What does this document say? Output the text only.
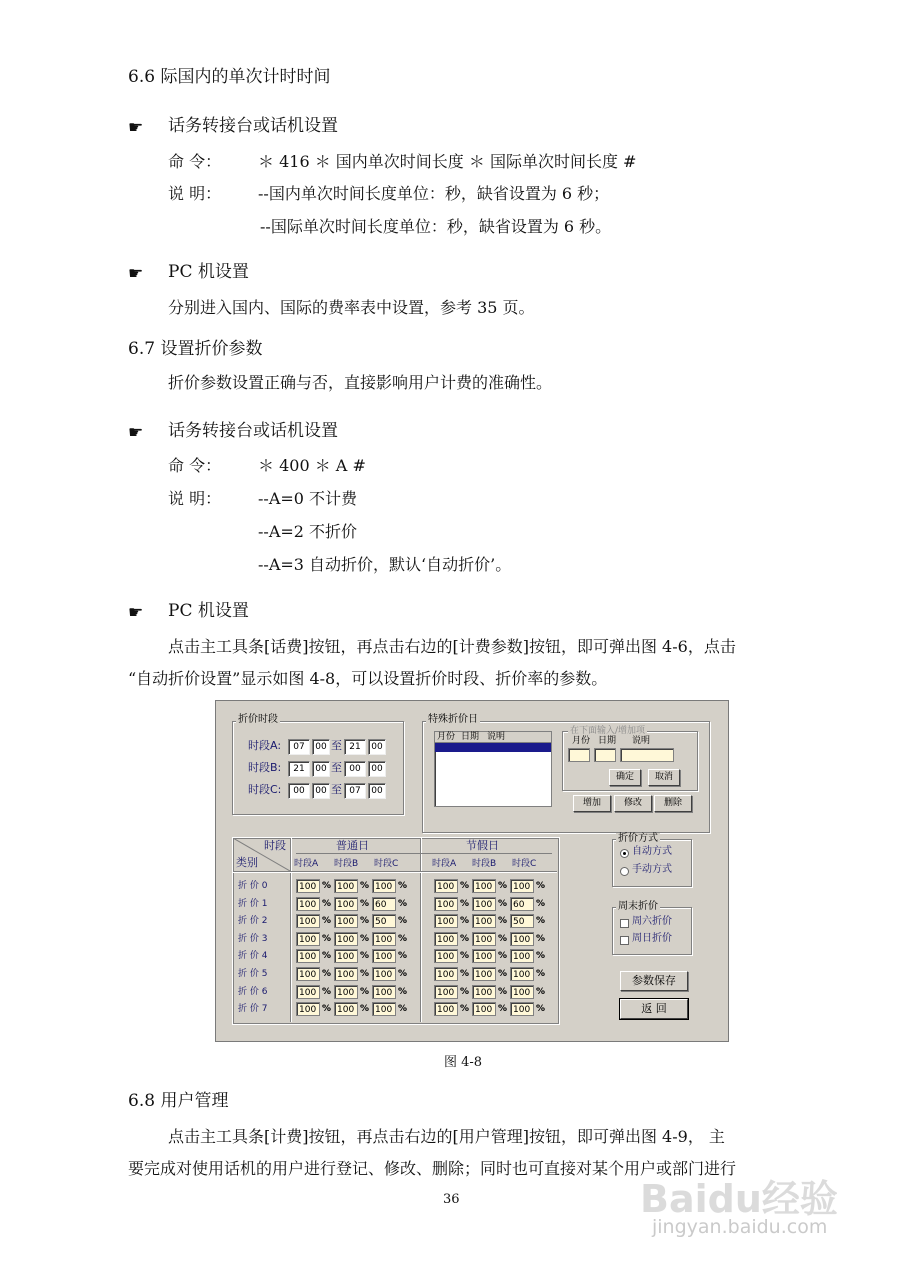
6.6 际国内的单次计时时间
☛ 话务转接台或话机设置
命 令： ＊ 416 ＊ 国内单次时间长度 ＊ 国际单次时间长度 #
说 明： --国内单次时间长度单位：秒，缺省设置为 6 秒；
--国际单次时间长度单位：秒，缺省设置为 6 秒。
☛ PC 机设置
分别进入国内、国际的费率表中设置，参考 35 页。
6.7 设置折价参数
折价参数设置正确与否，直接影响用户计费的准确性。
☛ 话务转接台或话机设置
命 令： ＊ 400 ＊ A #
说 明： --A=0 不计费
--A=2 不折价
--A=3 自动折价，默认‘自动折价’。
☛ PC 机设置
点击主工具条[话费]按钮，再点击右边的[计费参数]按钮，即可弹出图 4-6，点击
“自动折价设置”显示如图 4-8，可以设置折价时段、折价率的参数。
折价时段	特殊折价日
月份 日期 说明
在下面输入/增加项
月份 日期 说明
确定	取消
增加	修改	删除
时段
类别
普通日	节假日
折价方式
自动方式
手动方式
周末折价
周六折价
周日折价
参数保存
返 回
时段A:	07	00 至 21	00
时段B:	21	00 至 00	00
时段C:	00	00 至 07	00
时段A 时段B 时段C	时段A 时段B 时段C
折 价 0	100 % 100 % 100 %	100 % 100 % 100 %
折 价 1	100 % 100 % 60	%	100 % 100 % 60	%
折 价 2	100 % 100 % 50	%	100 % 100 % 50	%
折 价 3	100 % 100 % 100 %	100 % 100 % 100 %
折 价 4	100 % 100 % 100 %	100 % 100 % 100 %
折 价 5	100 % 100 % 100 %	100 % 100 % 100 %
折 价 6	100 % 100 % 100 %	100 % 100 % 100 %
折 价 7	100 % 100 % 100 %	100 % 100 % 100 %
图 4-8
6.8 用户管理
点击主工具条[计费]按钮，再点击右边的[用户管理]按钮，即可弹出图 4-9， 主
要完成对使用话机的用户进行登记、修改、删除；同时也可直接对某个用户或部门进行
36	Baidu经验
jingyan.baidu.com
